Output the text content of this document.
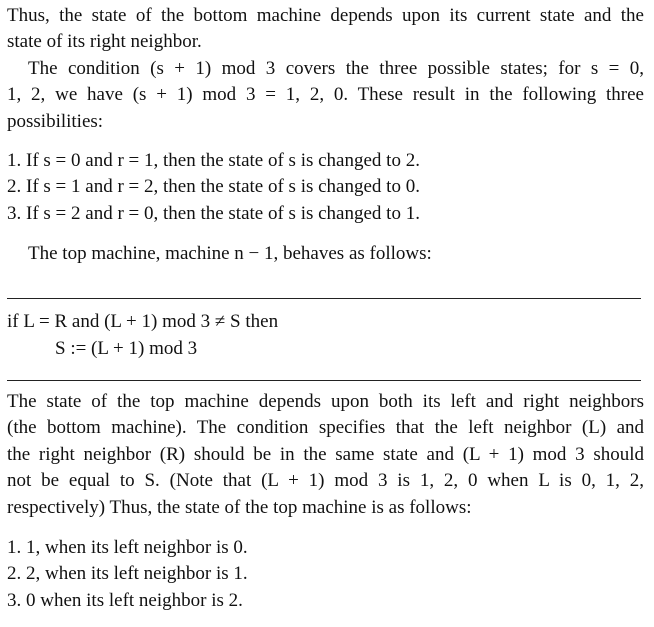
Thus, the state of the bottom machine depends upon its current state and the
state of its right neighbor.
The condition (s + 1) mod 3 covers the three possible states; for s = 0,
1, 2, we have (s + 1) mod 3 = 1, 2, 0. These result in the following three
possibilities:
1. If s = 0 and r = 1, then the state of s is changed to 2.
2. If s = 1 and r = 2, then the state of s is changed to 0.
3. If s = 2 and r = 0, then the state of s is changed to 1.
The top machine, machine n − 1, behaves as follows:
if L = R and (L + 1) mod 3 ≠ S then
S := (L + 1) mod 3
The state of the top machine depends upon both its left and right neighbors
(the bottom machine). The condition specifies that the left neighbor (L) and
the right neighbor (R) should be in the same state and (L + 1) mod 3 should
not be equal to S. (Note that (L + 1) mod 3 is 1, 2, 0 when L is 0, 1, 2,
respectively) Thus, the state of the top machine is as follows:
1. 1, when its left neighbor is 0.
2. 2, when its left neighbor is 1.
3. 0 when its left neighbor is 2.
